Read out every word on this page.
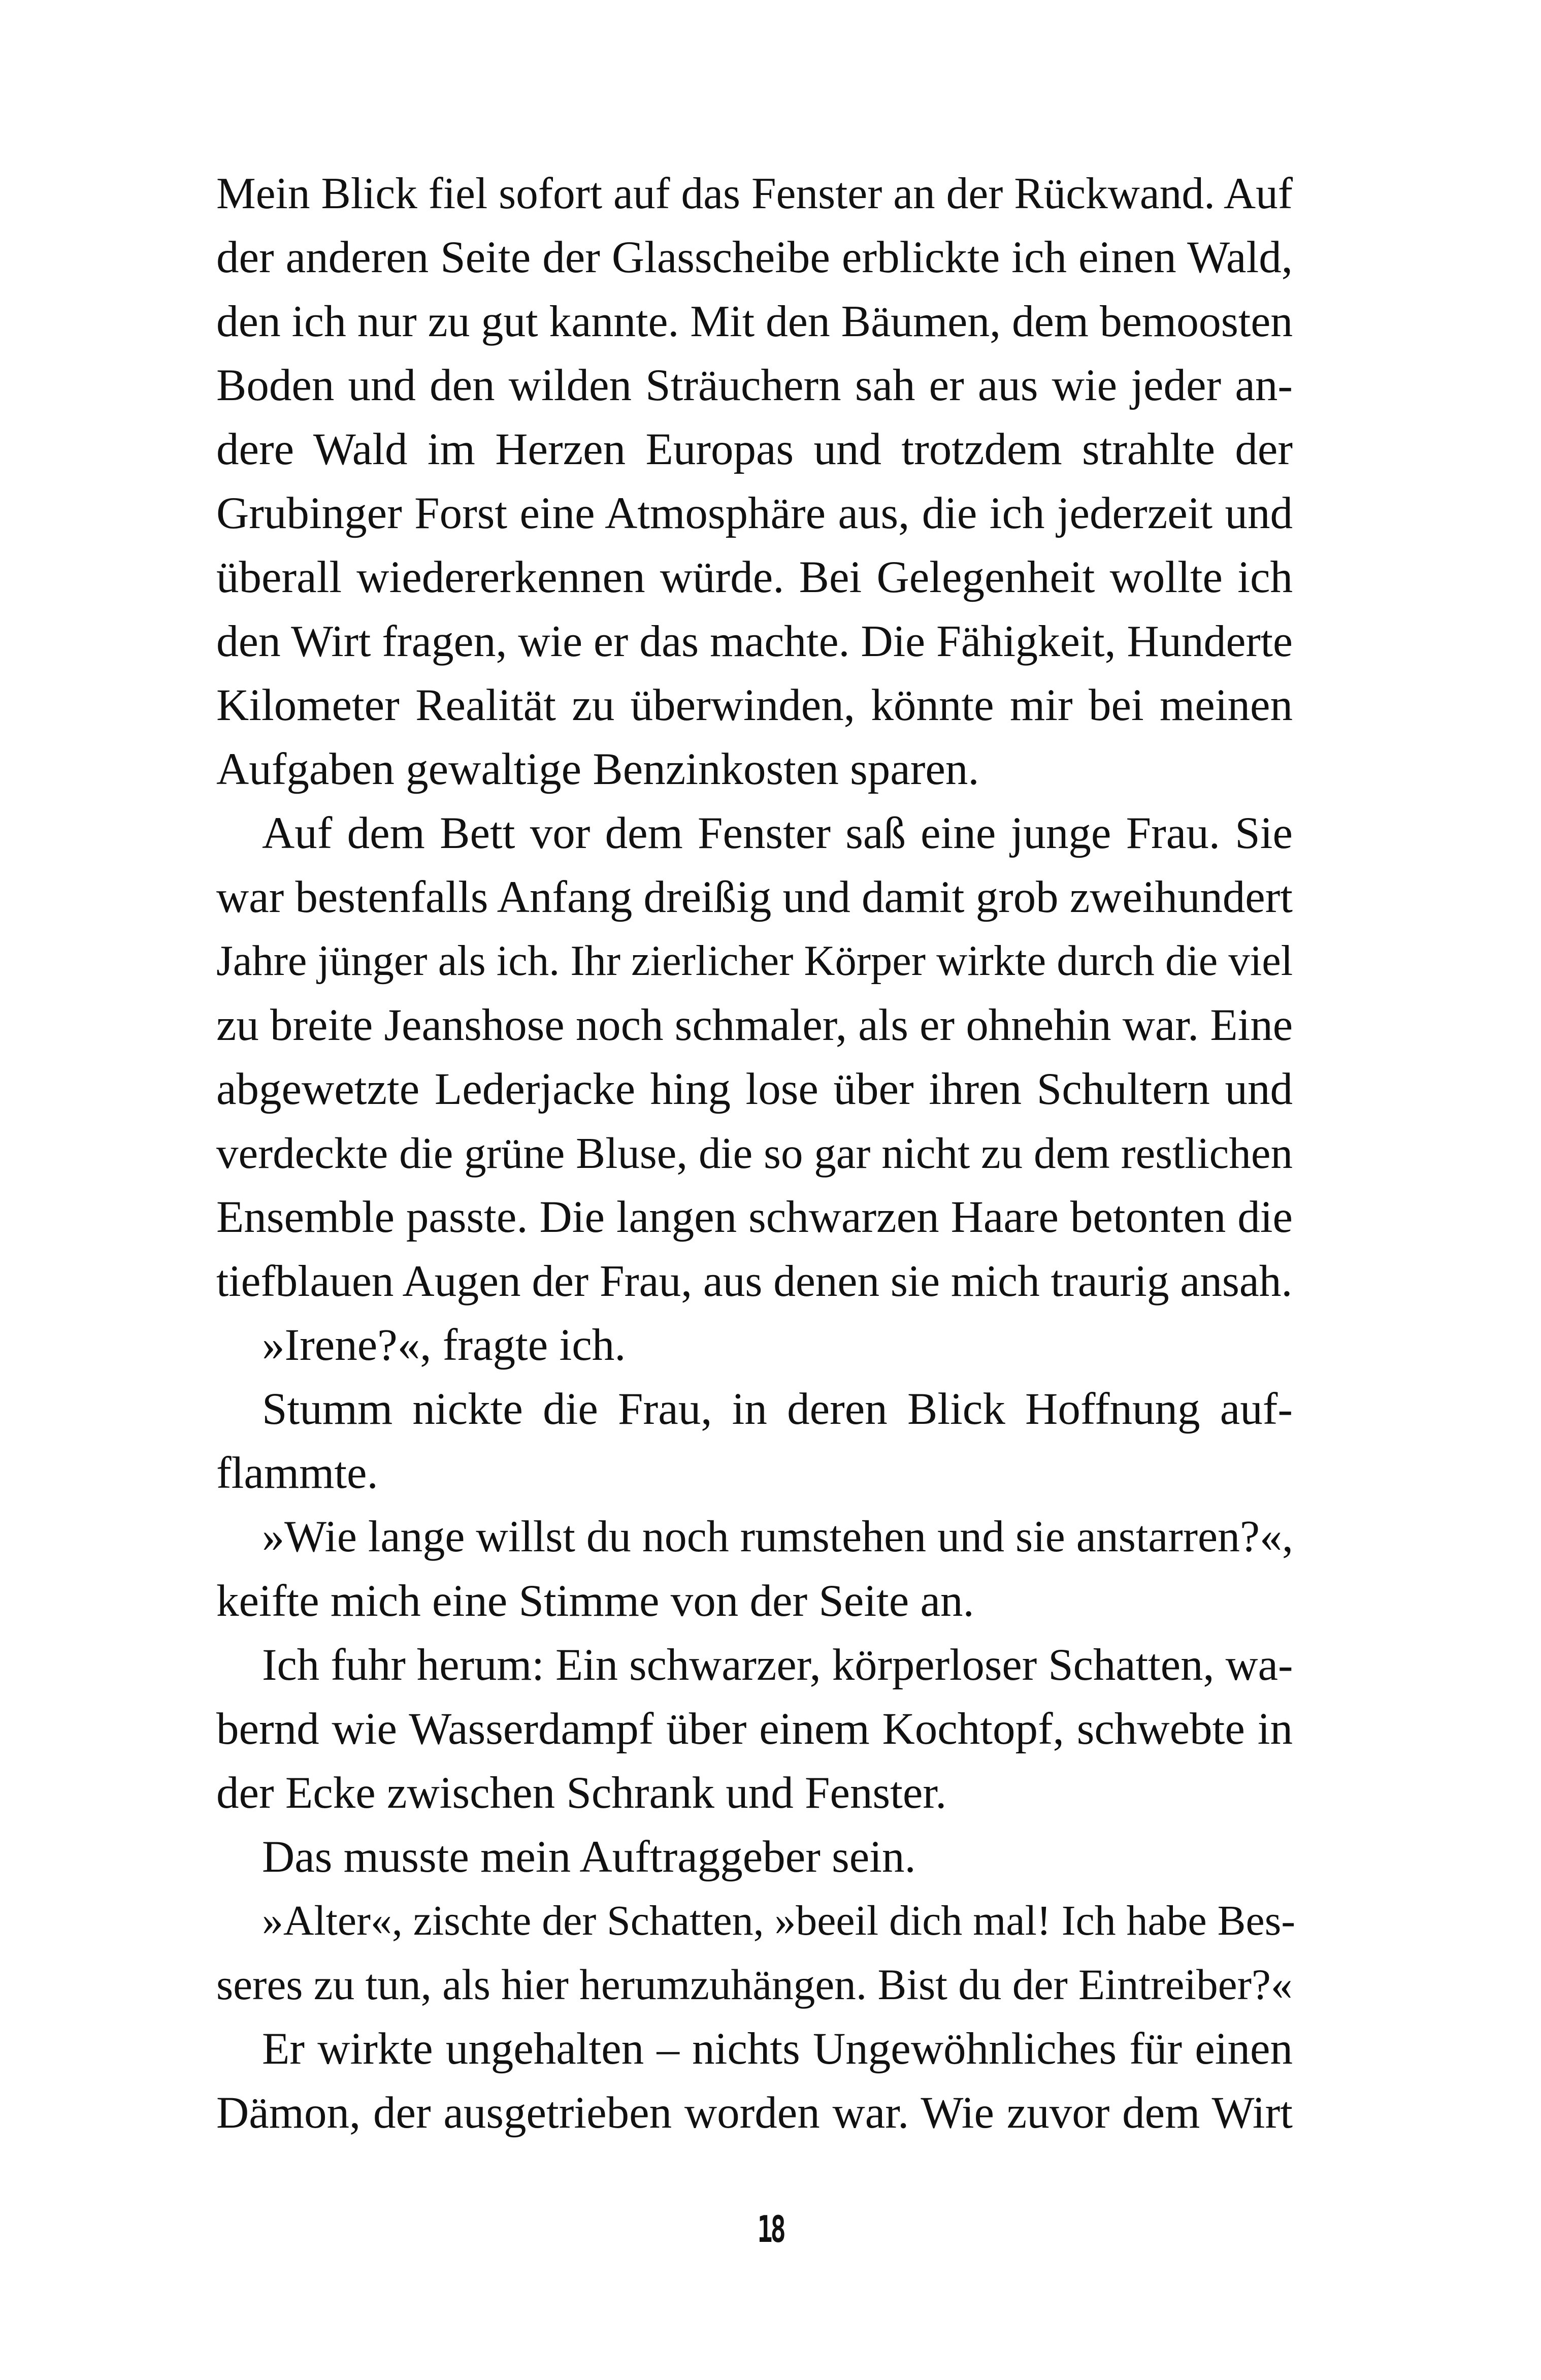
Mein Blick fiel sofort auf das Fenster an der Rückwand. Auf
der anderen Seite der Glasscheibe erblickte ich einen Wald,
den ich nur zu gut kannte. Mit den Bäumen, dem bemoosten
Boden und den wilden Sträuchern sah er aus wie jeder an-
dere Wald im Herzen Europas und trotzdem strahlte der
Grubinger Forst eine Atmosphäre aus, die ich jederzeit und
überall wiedererkennen würde. Bei Gelegenheit wollte ich
den Wirt fragen, wie er das machte. Die Fähigkeit, Hunderte
Kilometer Realität zu überwinden, könnte mir bei meinen
Aufgaben gewaltige Benzinkosten sparen.
Auf dem Bett vor dem Fenster saß eine junge Frau. Sie
war bestenfalls Anfang dreißig und damit grob zweihundert
Jahre jünger als ich. Ihr zierlicher Körper wirkte durch die viel
zu breite Jeanshose noch schmaler, als er ohnehin war. Eine
abgewetzte Lederjacke hing lose über ihren Schultern und
verdeckte die grüne Bluse, die so gar nicht zu dem restlichen
Ensemble passte. Die langen schwarzen Haare betonten die
tiefblauen Augen der Frau, aus denen sie mich traurig ansah.
»Irene?«, fragte ich.
Stumm nickte die Frau, in deren Blick Hoffnung auf-
flammte.
»Wie lange willst du noch rumstehen und sie anstarren?«,
keifte mich eine Stimme von der Seite an.
Ich fuhr herum: Ein schwarzer, körperloser Schatten, wa-
bernd wie Wasserdampf über einem Kochtopf, schwebte in
der Ecke zwischen Schrank und Fenster.
Das musste mein Auftraggeber sein.
»Alter«, zischte der Schatten, »beeil dich mal! Ich habe Bes-
seres zu tun, als hier herumzuhängen. Bist du der Eintreiber?«
Er wirkte ungehalten – nichts Ungewöhnliches für einen
Dämon, der ausgetrieben worden war. Wie zuvor dem Wirt
18
